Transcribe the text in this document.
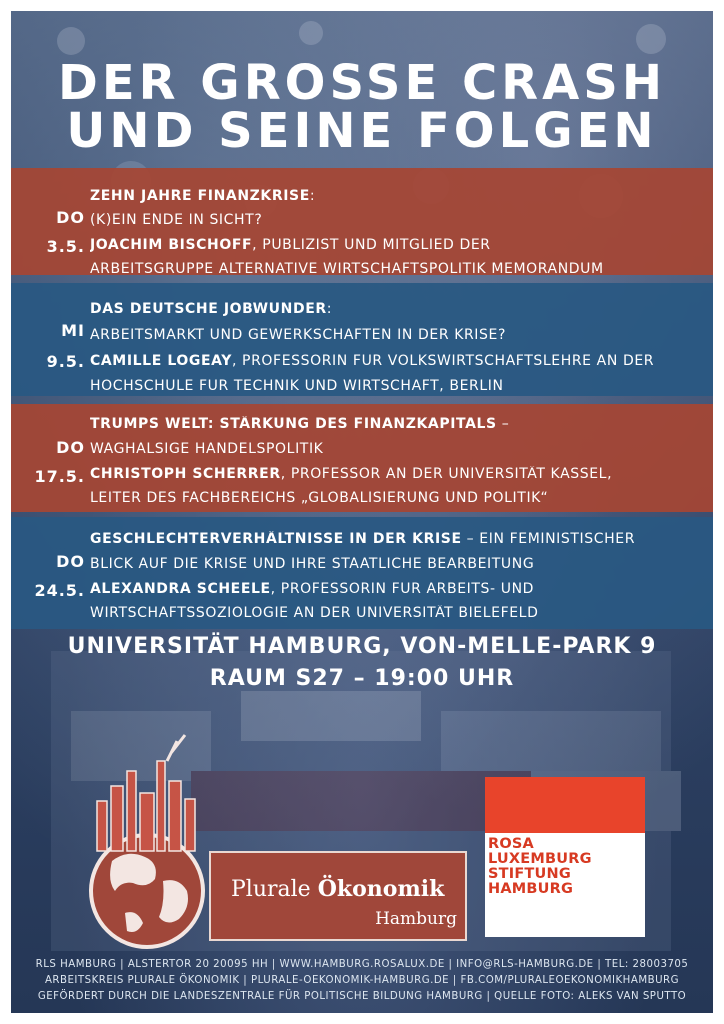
DER GROSSE CRASH
UND SEINE FOLGEN
DO
3.5.
ZEHN JAHRE FINANZKRISE:
(K)EIN ENDE IN SICHT?
JOACHIM BISCHOFF, PUBLIZIST UND MITGLIED DER
ARBEITSGRUPPE ALTERNATIVE WIRTSCHAFTSPOLITIK MEMORANDUM
MI
9.5.
DAS DEUTSCHE JOBWUNDER:
ARBEITSMARKT UND GEWERKSCHAFTEN IN DER KRISE?
CAMILLE LOGEAY, PROFESSORIN FÜR VOLKSWIRTSCHAFTSLEHRE AN DER
HOCHSCHULE FÜR TECHNIK UND WIRTSCHAFT, BERLIN
DO
17.5.
TRUMPS WELT: STÄRKUNG DES FINANZKAPITALS –
WAGHALSIGE HANDELSPOLITIK
CHRISTOPH SCHERRER, PROFESSOR AN DER UNIVERSITÄT KASSEL,
LEITER DES FACHBEREICHS „GLOBALISIERUNG UND POLITIK“
DO
24.5.
GESCHLECHTERVERHÄLTNISSE IN DER KRISE – EIN FEMINISTISCHER
BLICK AUF DIE KRISE UND IHRE STAATLICHE BEARBEITUNG
ALEXANDRA SCHEELE, PROFESSORIN FÜR ARBEITS- UND
WIRTSCHAFTSSOZIOLOGIE AN DER UNIVERSITÄT BIELEFELD
UNIVERSITÄT HAMBURG, VON-MELLE-PARK 9
RAUM S27 – 19:00 UHR
Plurale Ökonomik
Hamburg
ROSA
LUXEMBURG
STIFTUNG
HAMBURG
RLS HAMBURG | ALSTERTOR 20 20095 HH | WWW.HAMBURG.ROSALUX.DE | INFO@RLS-HAMBURG.DE | TEL: 28003705
ARBEITSKREIS PLURALE ÖKONOMIK | PLURALE-OEKONOMIK-HAMBURG.DE | FB.COM/PLURALEOEKONOMIKHAMBURG
GEFÖRDERT DURCH DIE LANDESZENTRALE FÜR POLITISCHE BILDUNG HAMBURG | QUELLE FOTO: ALEKS VAN SPUTTO
